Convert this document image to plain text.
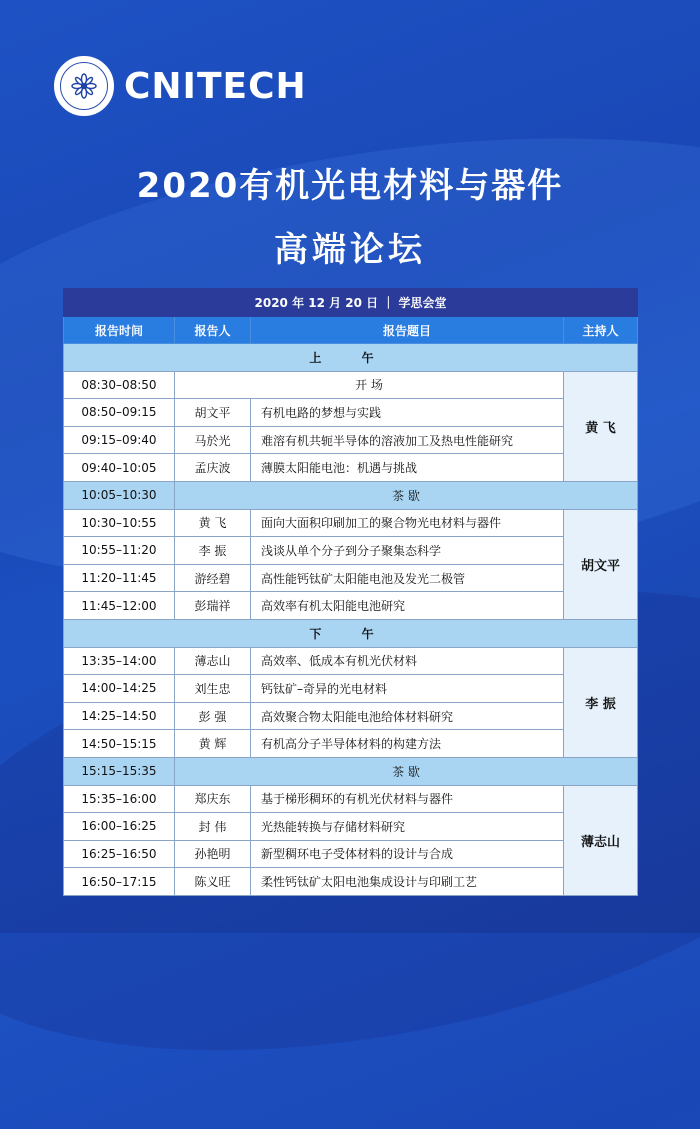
CNITECH
2020有机光电材料与器件
高端论坛
2020 年 12 月 20 日 ｜ 学思会堂			
报告时间	报告人	报告题目	主持人
上 午			
08:30–08:50	开 场		黄 飞
08:50–09:15	胡文平	有机电路的梦想与实践	
09:15–09:40	马於光	难溶有机共轭半导体的溶液加工及热电性能研究	
09:40–10:05	孟庆波	薄膜太阳能电池：机遇与挑战	
10:05–10:30	茶 歇		
10:30–10:55	黄 飞	面向大面积印刷加工的聚合物光电材料与器件	胡文平
10:55–11:20	李 振	浅谈从单个分子到分子聚集态科学	
11:20–11:45	游经碧	高性能钙钛矿太阳能电池及发光二极管	
11:45–12:00	彭瑞祥	高效率有机太阳能电池研究	
下 午			
13:35–14:00	薄志山	高效率、低成本有机光伏材料	李 振
14:00–14:25	刘生忠	钙钛矿–奇异的光电材料	
14:25–14:50	彭 强	高效聚合物太阳能电池给体材料研究	
14:50–15:15	黄 辉	有机高分子半导体材料的构建方法	
15:15–15:35	茶 歇		
15:35–16:00	郑庆东	基于梯形稠环的有机光伏材料与器件	薄志山
16:00–16:25	封 伟	光热能转换与存储材料研究	
16:25–16:50	孙艳明	新型稠环电子受体材料的设计与合成	
16:50–17:15	陈义旺	柔性钙钛矿太阳电池集成设计与印刷工艺	
